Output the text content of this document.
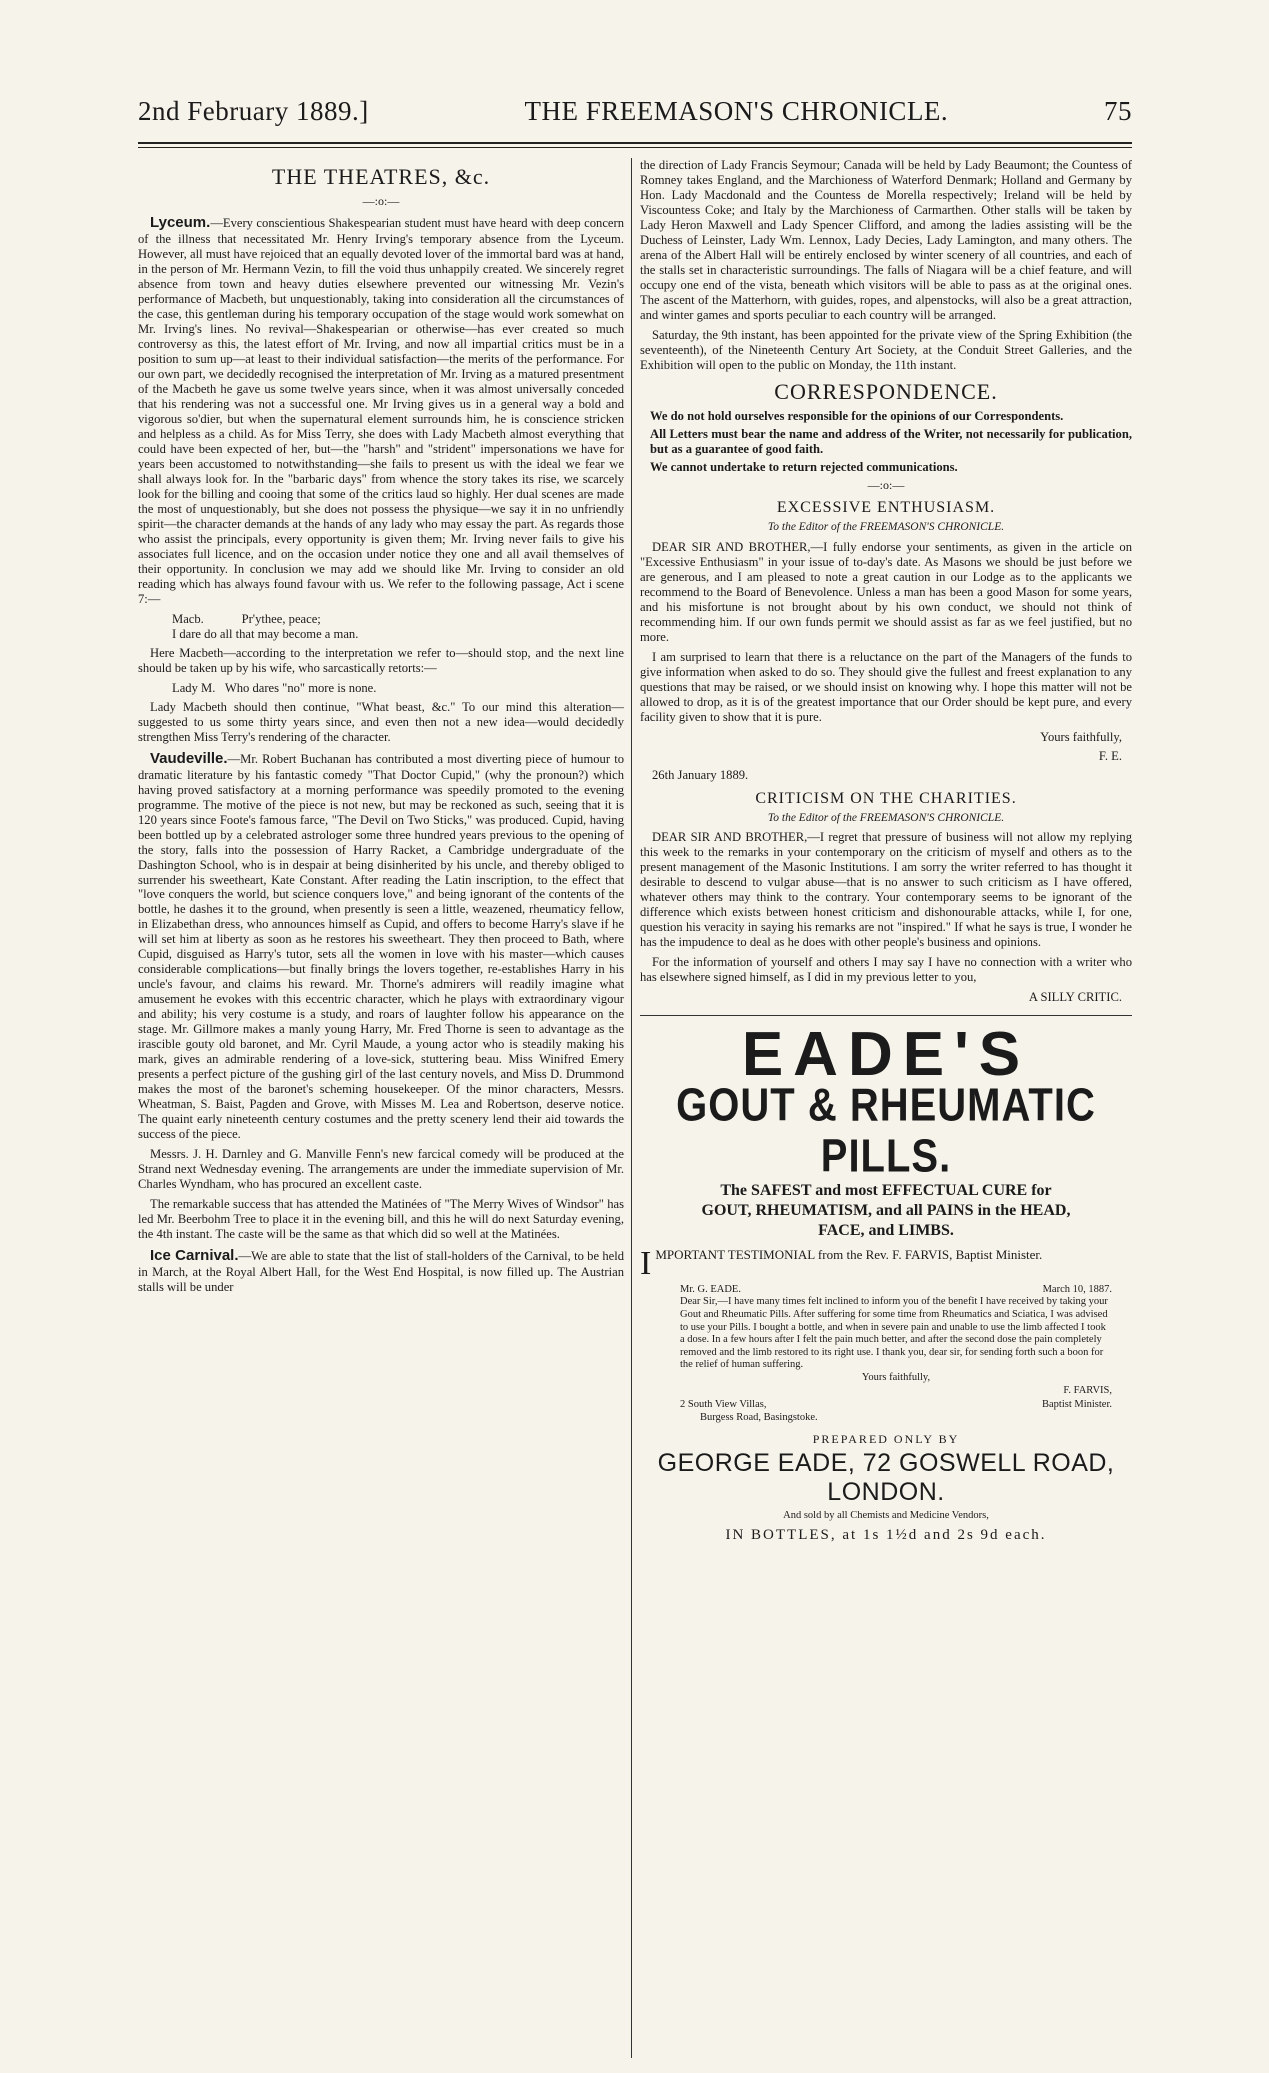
2nd February 1889.]	THE FREEMASON'S CHRONICLE.	75
THE THEATRES, &c.
—:o:—

Lyceum.—Every conscientious Shakespearian student must have heard with deep concern of the illness that necessitated Mr. Henry Irving's temporary absence from the Lyceum. However, all must have rejoiced that an equally devoted lover of the immortal bard was at hand, in the person of Mr. Hermann Vezin, to fill the void thus unhappily created. We sincerely regret absence from town and heavy duties elsewhere prevented our witnessing Mr. Vezin's performance of Macbeth, but unquestionably, taking into consideration all the circumstances of the case, this gentleman during his temporary occupation of the stage would work somewhat on Mr. Irving's lines. No revival—Shakespearian or otherwise—has ever created so much controversy as this, the latest effort of Mr. Irving, and now all impartial critics must be in a position to sum up—at least to their individual satisfaction—the merits of the performance. For our own part, we decidedly recognised the interpretation of Mr. Irving as a matured presentment of the Macbeth he gave us some twelve years since, when it was almost universally conceded that his rendering was not a successful one. Mr Irving gives us in a general way a bold and vigorous so'dier, but when the supernatural element surrounds him, he is conscience stricken and helpless as a child. As for Miss Terry, she does with Lady Macbeth almost everything that could have been expected of her, but—the "harsh" and "strident" impersonations we have for years been accustomed to notwithstanding—she fails to present us with the ideal we fear we shall always look for. In the "barbaric days" from whence the story takes its rise, we scarcely look for the billing and cooing that some of the critics laud so highly. Her dual scenes are made the most of unquestionably, but she does not possess the physique—we say it in no unfriendly spirit—the character demands at the hands of any lady who may essay the part. As regards those who assist the principals, every opportunity is given them; Mr. Irving never fails to give his associates full licence, and on the occasion under notice they one and all avail themselves of their opportunity. In conclusion we may add we should like Mr. Irving to consider an old reading which has always found favour with us. We refer to the following passage, Act i scene 7:—

Macb.	Pr'ythee, peace;
I dare do all that may become a man.

Here Macbeth—according to the interpretation we refer to—should stop, and the next line should be taken up by his wife, who sarcastically retorts:—

Lady M. Who dares "no" more is none.

Lady Macbeth should then continue, "What beast, &c." To our mind this alteration—suggested to us some thirty years since, and even then not a new idea—would decidedly strengthen Miss Terry's rendering of the character.

Vaudeville.—Mr. Robert Buchanan has contributed a most diverting piece of humour to dramatic literature by his fantastic comedy "That Doctor Cupid," (why the pronoun?) which having proved satisfactory at a morning performance was speedily promoted to the evening programme. The motive of the piece is not new, but may be reckoned as such, seeing that it is 120 years since Foote's famous farce, "The Devil on Two Sticks," was produced. Cupid, having been bottled up by a celebrated astrologer some three hundred years previous to the opening of the story, falls into the possession of Harry Racket, a Cambridge undergraduate of the Dashington School, who is in despair at being disinherited by his uncle, and thereby obliged to surrender his sweetheart, Kate Constant. After reading the Latin inscription, to the effect that "love conquers the world, but science conquers love," and being ignorant of the contents of the bottle, he dashes it to the ground, when presently is seen a little, weazened, rheumaticy fellow, in Elizabethan dress, who announces himself as Cupid, and offers to become Harry's slave if he will set him at liberty as soon as he restores his sweetheart. They then proceed to Bath, where Cupid, disguised as Harry's tutor, sets all the women in love with his master—which causes considerable complications—but finally brings the lovers together, re-establishes Harry in his uncle's favour, and claims his reward. Mr. Thorne's admirers will readily imagine what amusement he evokes with this eccentric character, which he plays with extraordinary vigour and ability; his very costume is a study, and roars of laughter follow his appearance on the stage. Mr. Gillmore makes a manly young Harry, Mr. Fred Thorne is seen to advantage as the irascible gouty old baronet, and Mr. Cyril Maude, a young actor who is steadily making his mark, gives an admirable rendering of a love-sick, stuttering beau. Miss Winifred Emery presents a perfect picture of the gushing girl of the last century novels, and Miss D. Drummond makes the most of the baronet's scheming housekeeper. Of the minor characters, Messrs. Wheatman, S. Baist, Pagden and Grove, with Misses M. Lea and Robertson, deserve notice. The quaint early nineteenth century costumes and the pretty scenery lend their aid towards the success of the piece.

Messrs. J. H. Darnley and G. Manville Fenn's new farcical comedy will be produced at the Strand next Wednesday evening. The arrangements are under the immediate supervision of Mr. Charles Wyndham, who has procured an excellent caste.

The remarkable success that has attended the Matinées of "The Merry Wives of Windsor" has led Mr. Beerbohm Tree to place it in the evening bill, and this he will do next Saturday evening, the 4th instant. The caste will be the same as that which did so well at the Matinées.

Ice Carnival.—We are able to state that the list of stall-holders of the Carnival, to be held in March, at the Royal Albert Hall, for the West End Hospital, is now filled up. The Austrian stalls will be under

the direction of Lady Francis Seymour; Canada will be held by Lady Beaumont; the Countess of Romney takes England, and the Marchioness of Waterford Denmark; Holland and Germany by Hon. Lady Macdonald and the Countess de Morella respectively; Ireland will be held by Viscountess Coke; and Italy by the Marchioness of Carmarthen. Other stalls will be taken by Lady Heron Maxwell and Lady Spencer Clifford, and among the ladies assisting will be the Duchess of Leinster, Lady Wm. Lennox, Lady Decies, Lady Lamington, and many others. The arena of the Albert Hall will be entirely enclosed by winter scenery of all countries, and each of the stalls set in characteristic surroundings. The falls of Niagara will be a chief feature, and will occupy one end of the vista, beneath which visitors will be able to pass as at the original ones. The ascent of the Matterhorn, with guides, ropes, and alpenstocks, will also be a great attraction, and winter games and sports peculiar to each country will be arranged.

Saturday, the 9th instant, has been appointed for the private view of the Spring Exhibition (the seventeenth), of the Nineteenth Century Art Society, at the Conduit Street Galleries, and the Exhibition will open to the public on Monday, the 11th instant.

CORRESPONDENCE.

We do not hold ourselves responsible for the opinions of our Correspondents.

All Letters must bear the name and address of the Writer, not necessarily for publication, but as a guarantee of good faith.

We cannot undertake to return rejected communications.

—:o:—
EXCESSIVE ENTHUSIASM.
To the Editor of the FREEMASON'S CHRONICLE.

DEAR SIR AND BROTHER,—I fully endorse your sentiments, as given in the article on "Excessive Enthusiasm" in your issue of to-day's date. As Masons we should be just before we are generous, and I am pleased to note a great caution in our Lodge as to the applicants we recommend to the Board of Benevolence. Unless a man has been a good Mason for some years, and his misfortune is not brought about by his own conduct, we should not think of recommending him. If our own funds permit we should assist as far as we feel justified, but no more.

I am surprised to learn that there is a reluctance on the part of the Managers of the funds to give information when asked to do so. They should give the fullest and freest explanation to any questions that may be raised, or we should insist on knowing why. I hope this matter will not be allowed to drop, as it is of the greatest importance that our Order should be kept pure, and every facility given to show that it is pure.

Yours faithfully,

F. E.

26th January 1889.

CRITICISM ON THE CHARITIES.
To the Editor of the FREEMASON'S CHRONICLE.

DEAR SIR AND BROTHER,—I regret that pressure of business will not allow my replying this week to the remarks in your contemporary on the criticism of myself and others as to the present management of the Masonic Institutions. I am sorry the writer referred to has thought it desirable to descend to vulgar abuse—that is no answer to such criticism as I have offered, whatever others may think to the contrary. Your contemporary seems to be ignorant of the difference which exists between honest criticism and dishonourable attacks, while I, for one, question his veracity in saying his remarks are not "inspired." If what he says is true, I wonder he has the impudence to deal as he does with other people's business and opinions.

For the information of yourself and others I may say I have no connection with a writer who has elsewhere signed himself, as I did in my previous letter to you,

A SILLY CRITIC.

EADE'S
GOUT & RHEUMATIC PILLS.
The SAFEST and most EFFECTUAL CURE for
GOUT, RHEUMATISM, and all PAINS in the HEAD,
FACE, and LIMBS.
IMPORTANT TESTIMONIAL from the Rev. F. FARVIS, Baptist Minister.
Mr. G. EADE.	March 10, 1887.
Dear Sir,—I have many times felt inclined to inform you of the benefit I have received by taking your Gout and Rheumatic Pills. After suffering for some time from Rheumatics and Sciatica, I was advised to use your Pills. I bought a bottle, and when in severe pain and unable to use the limb affected I took a dose. In a few hours after I felt the pain much better, and after the second dose the pain completely removed and the limb restored to its right use. I thank you, dear sir, for sending forth such a boon for the relief of human suffering.
Yours faithfully,
F. FARVIS,
2 South View Villas,	Baptist Minister.
Burgess Road, Basingstoke.
PREPARED ONLY BY
GEORGE EADE, 72 GOSWELL ROAD, LONDON.
And sold by all Chemists and Medicine Vendors,
IN BOTTLES, at 1s 1½d and 2s 9d each.
